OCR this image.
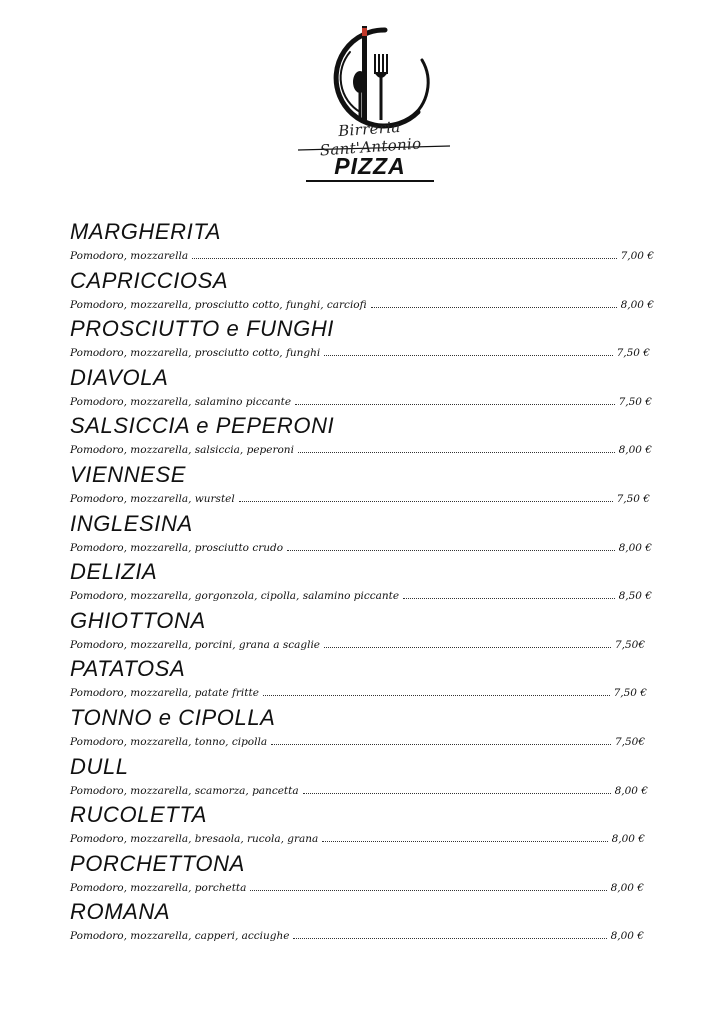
Birreria Sant'Antonio
PIZZA
MARGHERITA
Pomodoro, mozzarella	7,00 €
CAPRICCIOSA
Pomodoro, mozzarella, prosciutto cotto, funghi, carciofi	8,00 €
PROSCIUTTO e FUNGHI
Pomodoro, mozzarella, prosciutto cotto, funghi	7,50 €
DIAVOLA
Pomodoro, mozzarella, salamino piccante	7,50 €
SALSICCIA e PEPERONI
Pomodoro, mozzarella, salsiccia, peperoni	8,00 €
VIENNESE
Pomodoro, mozzarella, wurstel	7,50 €
INGLESINA
Pomodoro, mozzarella, prosciutto crudo	8,00 €
DELIZIA
Pomodoro, mozzarella, gorgonzola, cipolla, salamino piccante	8,50 €
GHIOTTONA
Pomodoro, mozzarella, porcini, grana a scaglie	7,50€
PATATOSA
Pomodoro, mozzarella, patate fritte	7,50 €
TONNO e CIPOLLA
Pomodoro, mozzarella, tonno, cipolla	7,50€
DULL
Pomodoro, mozzarella, scamorza, pancetta	8,00 €
RUCOLETTA
Pomodoro, mozzarella, bresaola, rucola, grana	8,00 €
PORCHETTONA
Pomodoro, mozzarella, porchetta	8,00 €
ROMANA
Pomodoro, mozzarella, capperi, acciughe	8,00 €
